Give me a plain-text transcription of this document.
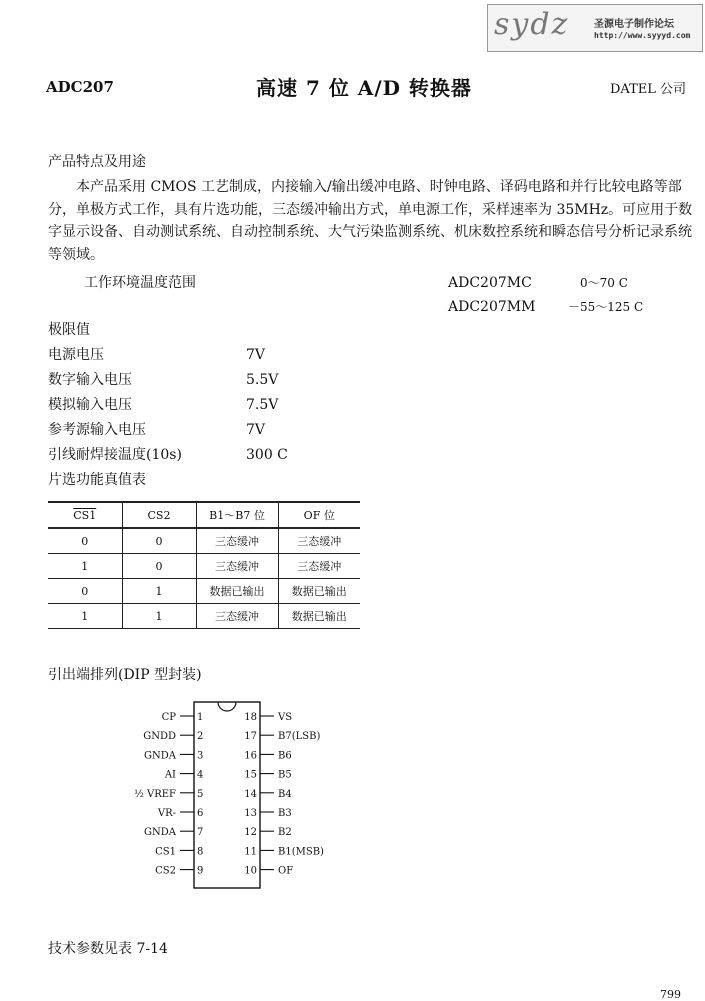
sydz 圣源电子制作论坛
http://www.syyyd.com
ADC207	高速 7 位 A/D 转换器	DATEL 公司
产品特点及用途
本产品采用 CMOS 工艺制成，内接输入/输出缓冲电路、时钟电路、译码电路和并行比较电路等部分，单极方式工作，具有片选功能，三态缓冲输出方式，单电源工作，采样速率为 35MHz。可应用于数字显示设备、自动测试系统、自动控制系统、大气污染监测系统、机床数控系统和瞬态信号分析记录系统等领域。
工作环境温度范围	ADC207MC	0～70 C
ADC207MM	－55～125 C
极限值
电源电压	7V
数字输入电压	5.5V
模拟输入电压	7.5V
参考源输入电压	7V
引线耐焊接温度(10s)	300 C
片选功能真值表
CS1	CS2	B1～B7 位	OF 位
0	0	三态缓冲	三态缓冲
1	0	三态缓冲	三态缓冲
0	1	数据已输出	数据已输出
1	1	三态缓冲	数据已输出
引出端排列(DIP 型封装)
CP 1
GNDD 2
GNDA 3
AI 4
½ VREF 5
VR- 6
GNDA 7
CS1 8
CS2 9
18 VS
17 B7(LSB)
16 B6
15 B5
14 B4
13 B3
12 B2
11 B1(MSB)
10 OF
技术参数见表 7-14
799
